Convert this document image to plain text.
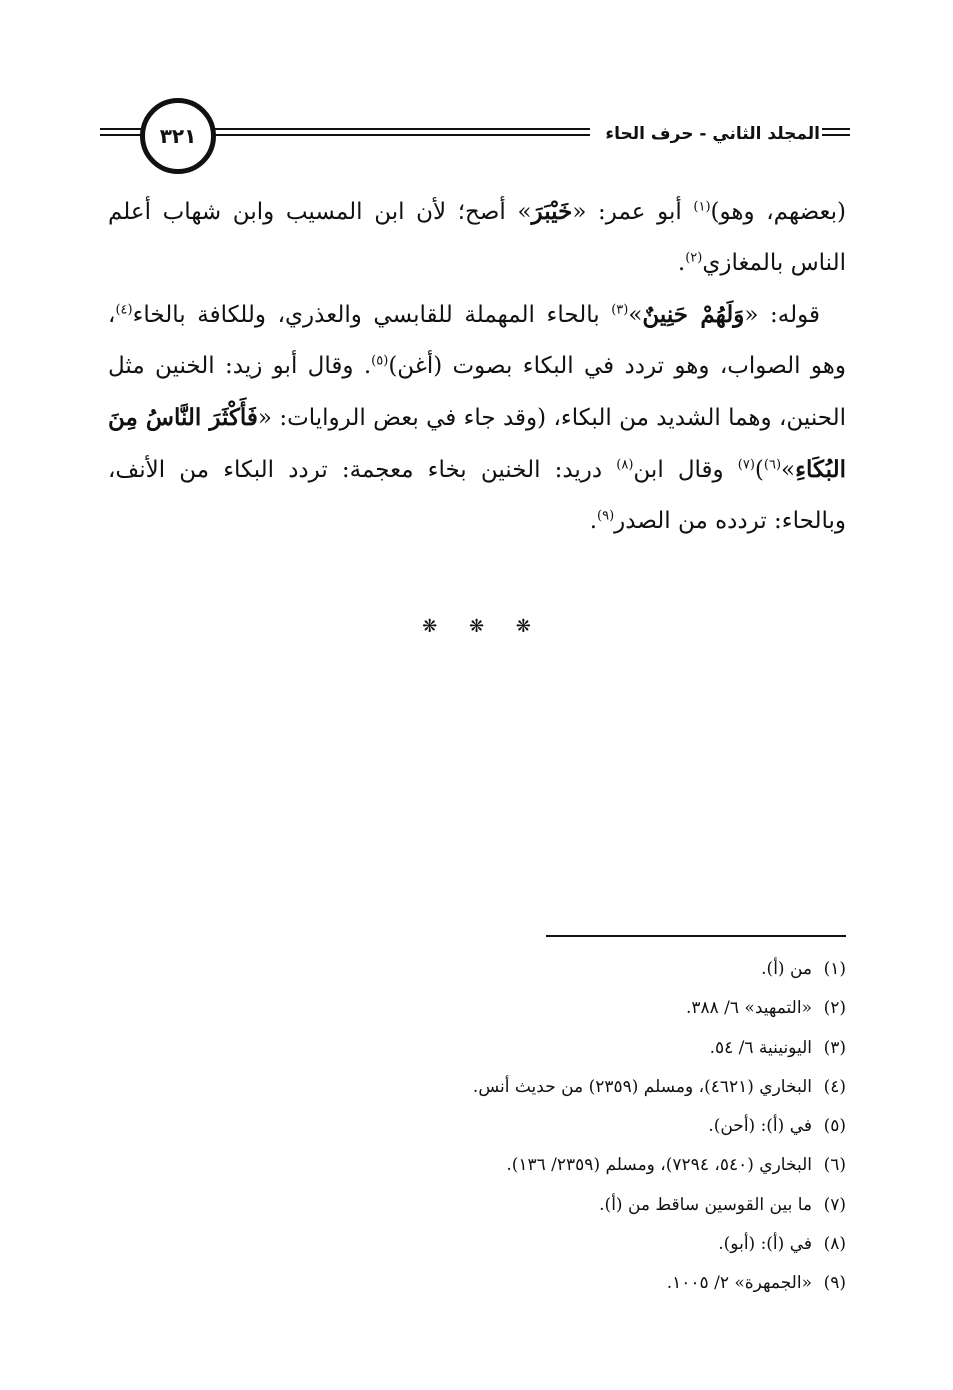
٣٢١	المجلد الثاني - حرف الحاء

(بعضهم، وهو)$^{(١)}$ أبو عمر: «خَيْبَرَ» أصح؛ لأن ابن المسيب وابن شهاب أعلم الناس بالمغازي$^{(٢)}$.

قوله: «وَلَهُمْ حَنِينٌ»$^{(٣)}$ بالحاء المهملة للقابسي والعذري، وللكافة بالخاء$^{(٤)}$، وهو الصواب، وهو تردد في البكاء بصوت (أغن)$^{(٥)}$. وقال أبو زيد: الخنين مثل الحنين، وهما الشديد من البكاء، (وقد جاء في بعض الروايات: «فَأَكْثَرَ النَّاسُ مِنَ البُكَاءِ»$^{(٦)}$)$^{(٧)}$ وقال ابن$^{(٨)}$ دريد: الخنين بخاء معجمة: تردد البكاء من الأنف، وبالحاء: تردده من الصدر$^{(٩)}$.

❋ ❋ ❋
(١)من (أ).
(٢)«التمهيد» ٦/ ٣٨٨.
(٣)اليونينية ٦/ ٥٤.
(٤)البخاري (٤٦٢١)، ومسلم (٢٣٥٩) من حديث أنس.
(٥)في (أ): (أحن).
(٦)البخاري (٥٤٠، ٧٢٩٤)، ومسلم (٢٣٥٩/ ١٣٦).
(٧)ما بين القوسين ساقط من (أ).
(٨)في (أ): (أبو).
(٩)«الجمهرة» ٢/ ١٠٠٥.
